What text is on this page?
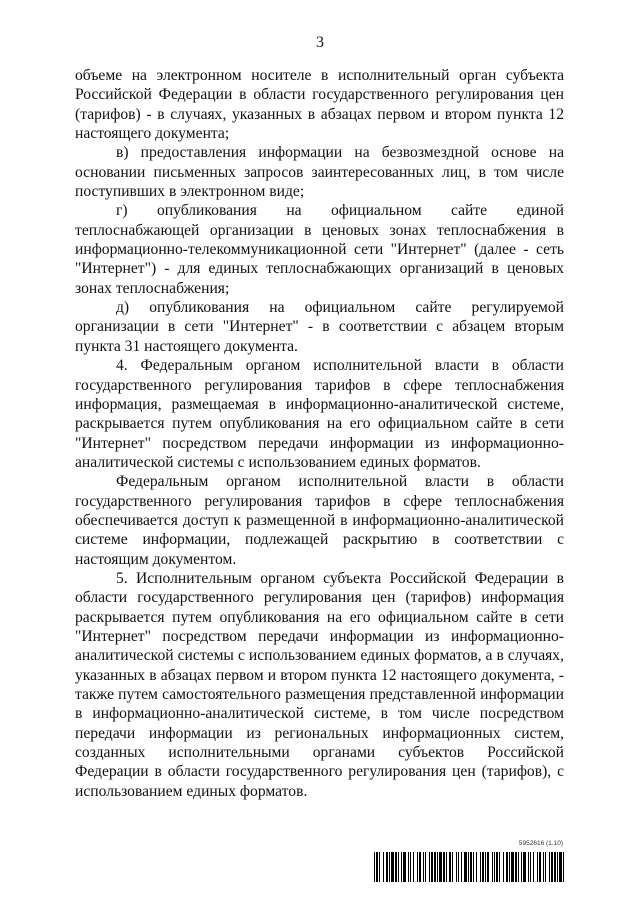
3

объеме на электронном носителе в исполнительный орган субъекта Российской Федерации в области государственного регулирования цен (тарифов) - в случаях, указанных в абзацах первом и втором пункта 12 настоящего документа;

в) предоставления информации на безвозмездной основе на основании письменных запросов заинтересованных лиц, в том числе поступивших в электронном виде;

г) опубликования на официальном сайте единой теплоснабжающей организации в ценовых зонах теплоснабжения в информационно-телекоммуникационной сети "Интернет" (далее - сеть "Интернет") - для единых теплоснабжающих организаций в ценовых зонах теплоснабжения;

д) опубликования на официальном сайте регулируемой организации в сети "Интернет" - в соответствии с абзацем вторым пункта 31 настоящего документа.

4. Федеральным органом исполнительной власти в области государственного регулирования тарифов в сфере теплоснабжения информация, размещаемая в информационно-аналитической системе, раскрывается путем опубликования на его официальном сайте в сети "Интернет" посредством передачи информации из информационно-аналитической системы с использованием единых форматов.

Федеральным органом исполнительной власти в области государственного регулирования тарифов в сфере теплоснабжения обеспечивается доступ к размещенной в информационно-аналитической системе информации, подлежащей раскрытию в соответствии с настоящим документом.

5. Исполнительным органом субъекта Российской Федерации в области государственного регулирования цен (тарифов) информация раскрывается путем опубликования на его официальном сайте в сети "Интернет" посредством передачи информации из информационно-аналитической системы с использованием единых форматов, а в случаях, указанных в абзацах первом и втором пункта 12 настоящего документа, - также путем самостоятельного размещения представленной информации в информационно-аналитической системе, в том числе посредством передачи информации из региональных информационных систем, созданных исполнительными органами субъектов Российской Федерации в области государственного регулирования цен (тарифов), с использованием единых форматов.

5952616 (1.10)
